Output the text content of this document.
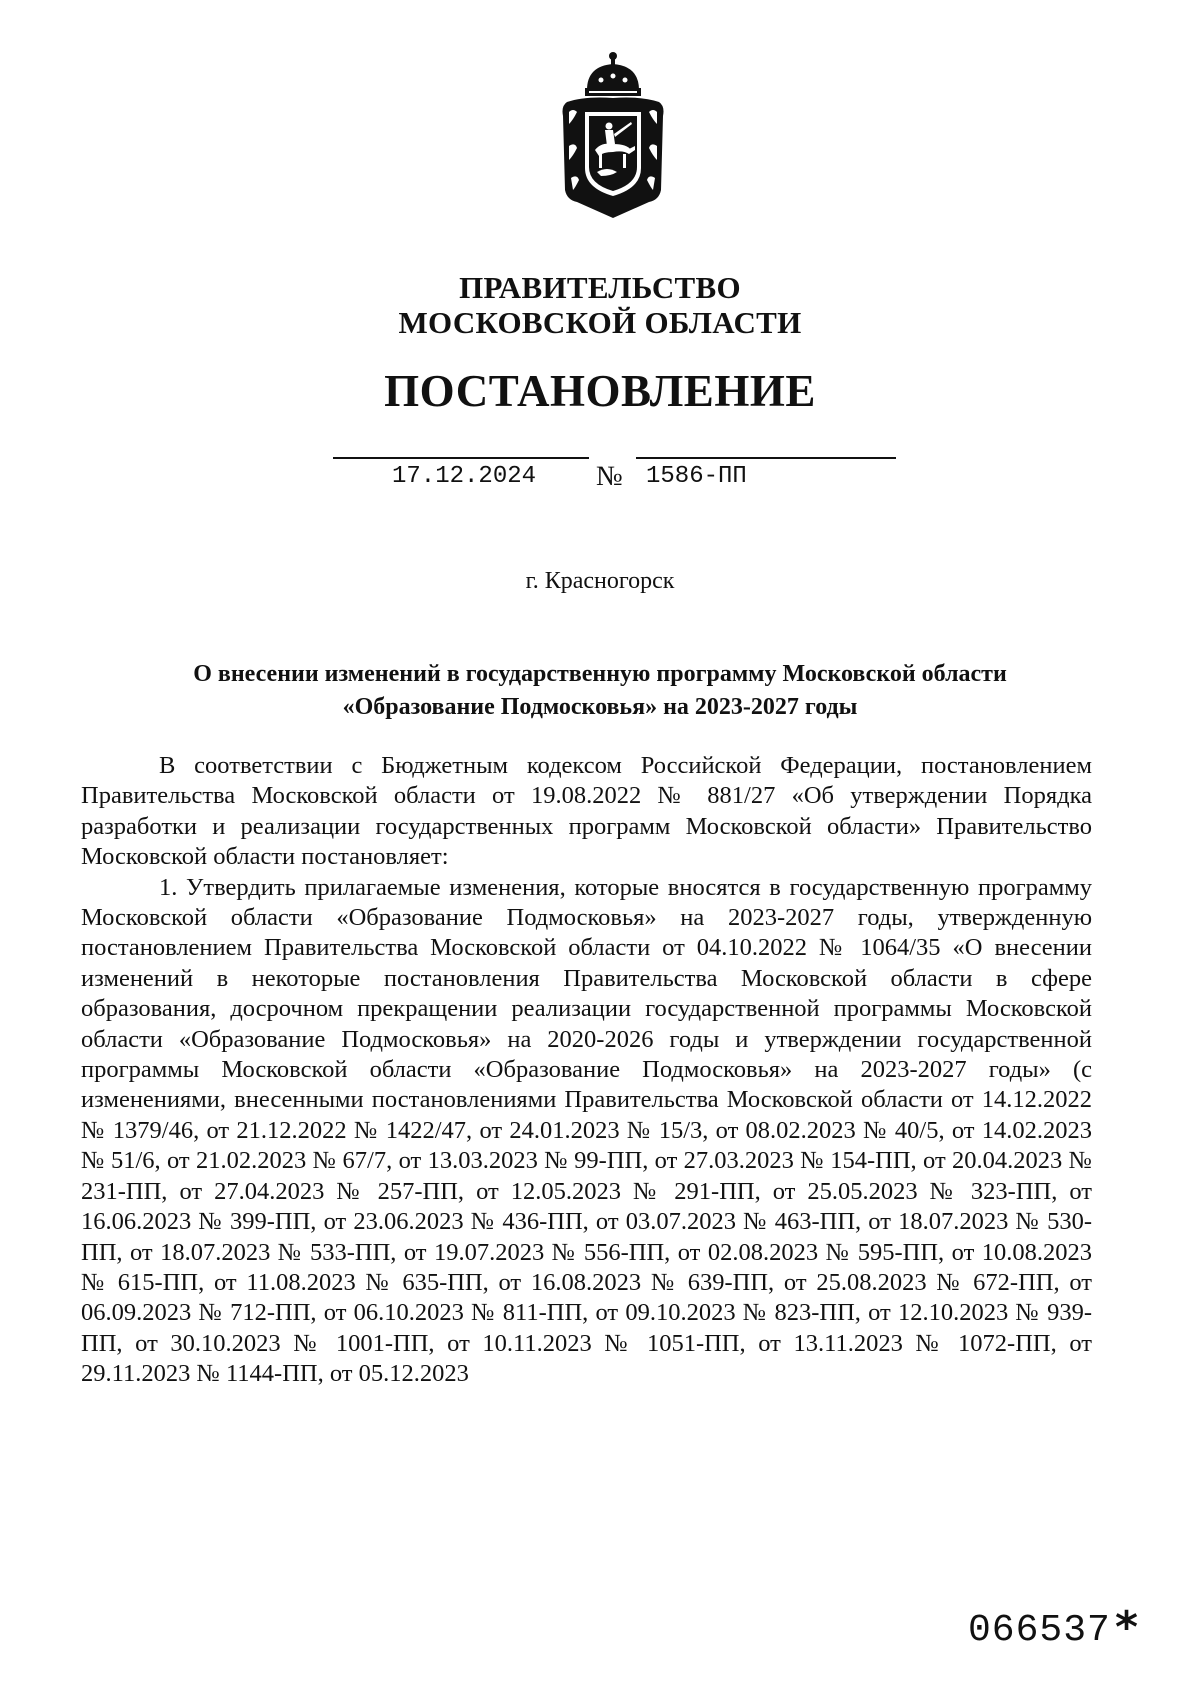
ПРАВИТЕЛЬСТВО
МОСКОВСКОЙ ОБЛАСТИ
ПОСТАНОВЛЕНИЕ
17.12.2024 № 1586-ПП
г. Красногорск
О внесении изменений в государственную программу Московской области
«Образование Подмосковья» на 2023-2027 годы

В соответствии с Бюджетным кодексом Российской Федерации, постановлением Правительства Московской области от 19.08.2022 № 881/27 «Об утверждении Порядка разработки и реализации государственных программ Московской области» Правительство Московской области постановляет:

1. Утвердить прилагаемые изменения, которые вносятся в государственную программу Московской области «Образование Подмосковья» на 2023-2027 годы, утвержденную постановлением Правительства Московской области от 04.10.2022 № 1064/35 «О внесении изменений в некоторые постановления Правительства Московской области в сфере образования, досрочном прекращении реализации государственной программы Московской области «Образование Подмосковья» на 2020-2026 годы и утверждении государственной программы Московской области «Образование Подмосковья» на 2023-2027 годы» (с изменениями, внесенными постановлениями Правительства Московской области от 14.12.2022 № 1379/46, от 21.12.2022 № 1422/47, от 24.01.2023 № 15/3, от 08.02.2023 № 40/5, от 14.02.2023 № 51/6, от 21.02.2023 № 67/7, от 13.03.2023 № 99-ПП, от 27.03.2023 № 154-ПП, от 20.04.2023 № 231-ПП, от 27.04.2023 № 257-ПП, от 12.05.2023 № 291-ПП, от 25.05.2023 № 323-ПП, от 16.06.2023 № 399-ПП, от 23.06.2023 № 436-ПП, от 03.07.2023 № 463-ПП, от 18.07.2023 № 530-ПП, от 18.07.2023 № 533-ПП, от 19.07.2023 № 556-ПП, от 02.08.2023 № 595-ПП, от 10.08.2023 № 615-ПП, от 11.08.2023 № 635-ПП, от 16.08.2023 № 639-ПП, от 25.08.2023 № 672-ПП, от 06.09.2023 № 712-ПП, от 06.10.2023 № 811-ПП, от 09.10.2023 № 823-ПП, от 12.10.2023 № 939-ПП, от 30.10.2023 № 1001-ПП, от 10.11.2023 № 1051-ПП, от 13.11.2023 № 1072-ПП, от 29.11.2023 № 1144-ПП, от 05.12.2023

066537 *
